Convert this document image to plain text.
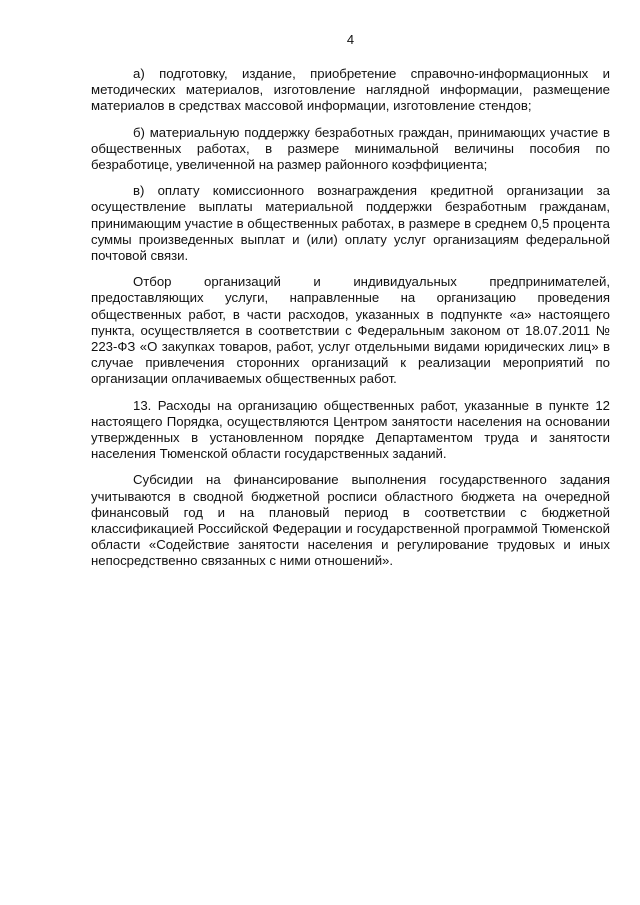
4

а) подготовку, издание, приобретение справочно-информационных и методических материалов, изготовление наглядной информации, размещение материалов в средствах массовой информации, изготовление стендов;

б) материальную поддержку безработных граждан, принимающих участие в общественных работах, в размере минимальной величины пособия по безработице, увеличенной на размер районного коэффициента;

в) оплату комиссионного вознаграждения кредитной организации за осуществление выплаты материальной поддержки безработным гражданам, принимающим участие в общественных работах, в размере в среднем 0,5 процента суммы произведенных выплат и (или) оплату услуг организациям федеральной почтовой связи.

Отбор организаций и индивидуальных предпринимателей, предоставляющих услуги, направленные на организацию проведения общественных работ, в части расходов, указанных в подпункте «а» настоящего пункта, осуществляется в соответствии с Федеральным законом от 18.07.2011 № 223-ФЗ «О закупках товаров, работ, услуг отдельными видами юридических лиц» в случае привлечения сторонних организаций к реализации мероприятий по организации оплачиваемых общественных работ.

13. Расходы на организацию общественных работ, указанные в пункте 12 настоящего Порядка, осуществляются Центром занятости населения на основании утвержденных в установленном порядке Департаментом труда и занятости населения Тюменской области государственных заданий.

Субсидии на финансирование выполнения государственного задания учитываются в сводной бюджетной росписи областного бюджета на очередной финансовый год и на плановый период в соответствии с бюджетной классификацией Российской Федерации и государственной программой Тюменской области «Содействие занятости населения и регулирование трудовых и иных непосредственно связанных с ними отношений».
